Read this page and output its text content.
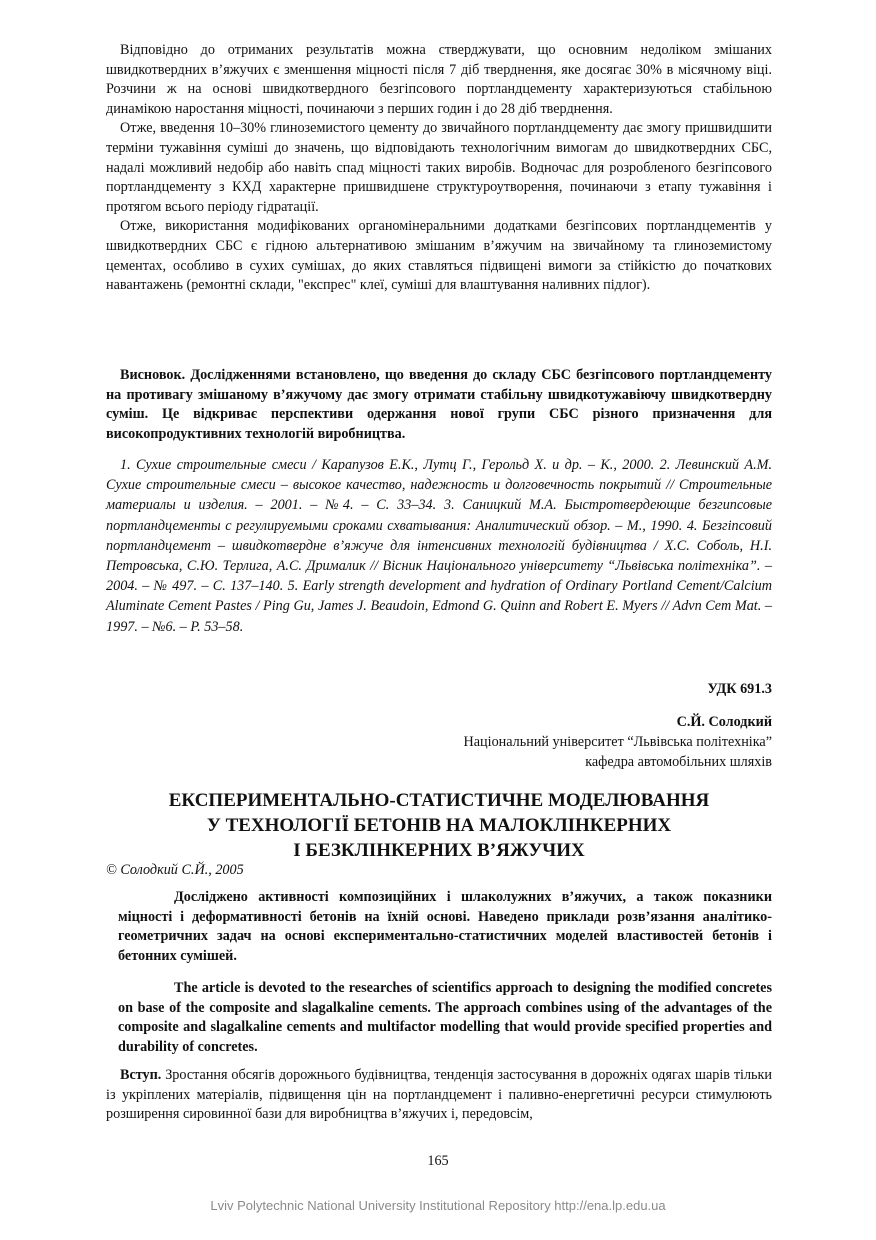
Відповідно до отриманих результатів можна стверджувати, що основним недоліком змішаних швидкотвердних в’яжучих є зменшення міцності після 7 діб тверднення, яке досягає 30% в місячному віці. Розчини ж на основі швидкотвердного безгіпсового портландцементу характеризуються стабільною динамікою наростання міцності, починаючи з перших годин і до 28 діб тверднення.

Отже, введення 10–30% глиноземистого цементу до звичайного портландцементу дає змогу пришвидшити терміни тужавіння суміші до значень, що відповідають технологічним вимогам до швидкотвердних СБС, надалі можливий недобір або навіть спад міцності таких виробів. Водночас для розробленого безгіпсового портландцементу з КХД характерне пришвидшене структуроутворення, починаючи з етапу тужавіння і протягом всього періоду гідратації.

Отже, використання модифікованих органомінеральними додатками безгіпсових портландцементів у швидкотвердних СБС є гідною альтернативою змішаним в’яжучим на звичайному та глиноземистому цементах, особливо в сухих сумішах, до яких ставляться підвищені вимоги за стійкістю до початкових навантажень (ремонтні склади, "експрес" клеї, суміші для влаштування наливних підлог).

Висновок. Дослідженнями встановлено, що введення до складу СБС безгіпсового портландцементу на противагу змішаному в’яжучому дає змогу отримати стабільну швидкотужавіючу швидкотвердну суміш. Це відкриває перспективи одержання нової групи СБС різного призначення для високопродуктивних технологій виробництва.

1. Сухие строительные смеси / Карапузов Е.К., Лутц Г., Герольд Х. и др. – К., 2000. 2. Левинский А.М. Сухие строительные смеси – высокое качество, надежность и долговечность покрытий // Строительные материалы и изделия. – 2001. – №4. – С. 33–34. 3. Саницкий М.А. Быстротвердеющие безгипсовые портландцементы с регулируемыми сроками схватывания: Аналитический обзор. – М., 1990. 4. Безгіпсовий портландцемент – швидкотвердне в’яжуче для інтенсивних технологій будівництва / Х.С. Соболь, Н.І. Петровська, С.Ю. Терлига, А.С. Дрималик // Вісник Національного університету “Львівська політехніка”. – 2004. – № 497. – С. 137–140. 5. Early strength development and hydration of Ordinary Portland Cement/Calcium Aluminate Cement Pastes / Ping Gu, James J. Beaudoin, Edmond G. Quinn and Robert E. Myers // Advn Cem Mat. – 1997. – №6. – P. 53–58.

УДК 691.3
С.Й. Солодкий
Національний університет “Львівська політехніка”
кафедра автомобільних шляхів
ЕКСПЕРИМЕНТАЛЬНО-СТАТИСТИЧНЕ МОДЕЛЮВАННЯ
У ТЕХНОЛОГІЇ БЕТОНІВ НА МАЛОКЛІНКЕРНИХ
І БЕЗКЛІНКЕРНИХ В’ЯЖУЧИХ
© Солодкий С.Й., 2005

Досліджено активності композиційних і шлаколужних в’яжучих, а також показники міцності і деформативності бетонів на їхній основі. Наведено приклади розв’язання аналітико-геометричних задач на основі експериментально-статистичних моделей властивостей бетонів і бетонних сумішей.

The article is devoted to the researches of scientifics approach to designing the modified concretes on base of the composite and slagalkaline cements. The approach combines using of the advantages of the composite and slagalkaline cements and multifactor modelling that would provide specified properties and durability of concretes.

Вступ. Зростання обсягів дорожнього будівництва, тенденція застосування в дорожніх одягах шарів тільки із укріплених матеріалів, підвищення цін на портландцемент і паливно-енергетичні ресурси стимулюють розширення сировинної бази для виробництва в’яжучих і, передовсім,

165
Lviv Polytechnic National University Institutional Repository http://ena.lp.edu.ua
